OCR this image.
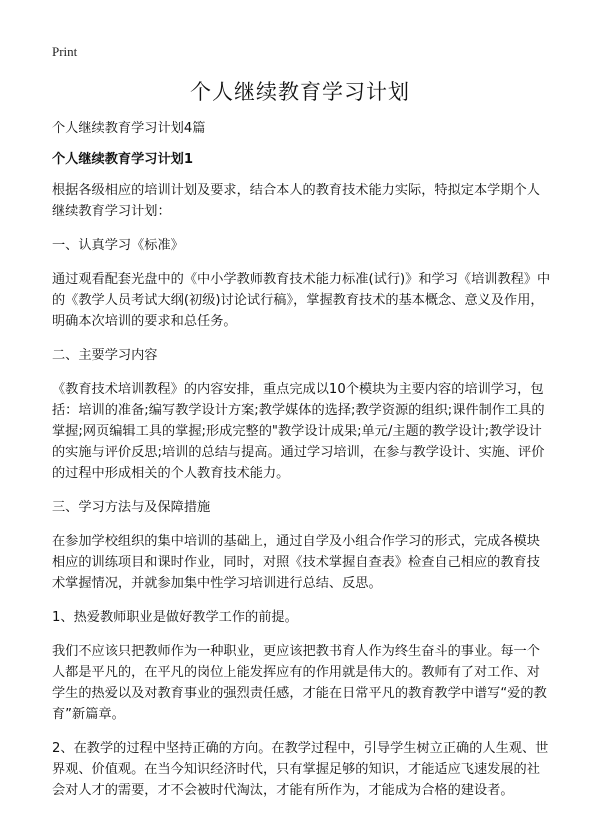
Print
个人继续教育学习计划

个人继续教育学习计划4篇

个人继续教育学习计划1

根据各级相应的培训计划及要求，结合本人的教育技术能力实际，特拟定本学期个人继续教育学习计划：

一、认真学习《标准》

通过观看配套光盘中的《中小学教师教育技术能力标准(试行)》和学习《培训教程》中的《教学人员考试大纲(初级)讨论试行稿》，掌握教育技术的基本概念、意义及作用，明确本次培训的要求和总任务。

二、主要学习内容

《教育技术培训教程》的内容安排，重点完成以10个模块为主要内容的培训学习，包括：培训的准备;编写教学设计方案;教学媒体的选择;教学资源的组织;课件制作工具的掌握;网页编辑工具的掌握;形成完整的"教学设计成果;单元/主题的教学设计;教学设计的实施与评价反思;培训的总结与提高。通过学习培训，在参与教学设计、实施、评价的过程中形成相关的个人教育技术能力。

三、学习方法与及保障措施

在参加学校组织的集中培训的基础上，通过自学及小组合作学习的形式，完成各模块相应的训练项目和课时作业，同时，对照《技术掌握自查表》检查自己相应的教育技术掌握情况，并就参加集中性学习培训进行总结、反思。

1、热爱教师职业是做好教学工作的前提。

我们不应该只把教师作为一种职业，更应该把教书育人作为终生奋斗的事业。每一个人都是平凡的，在平凡的岗位上能发挥应有的作用就是伟大的。教师有了对工作、对学生的热爱以及对教育事业的强烈责任感，才能在日常平凡的教育教学中谱写“爱的教育”新篇章。

2、在教学的过程中坚持正确的方向。在教学过程中，引导学生树立正确的人生观、世界观、价值观。在当今知识经济时代，只有掌握足够的知识，才能适应飞速发展的社会对人才的需要，才不会被时代淘汰，才能有所作为，才能成为合格的建设者。
